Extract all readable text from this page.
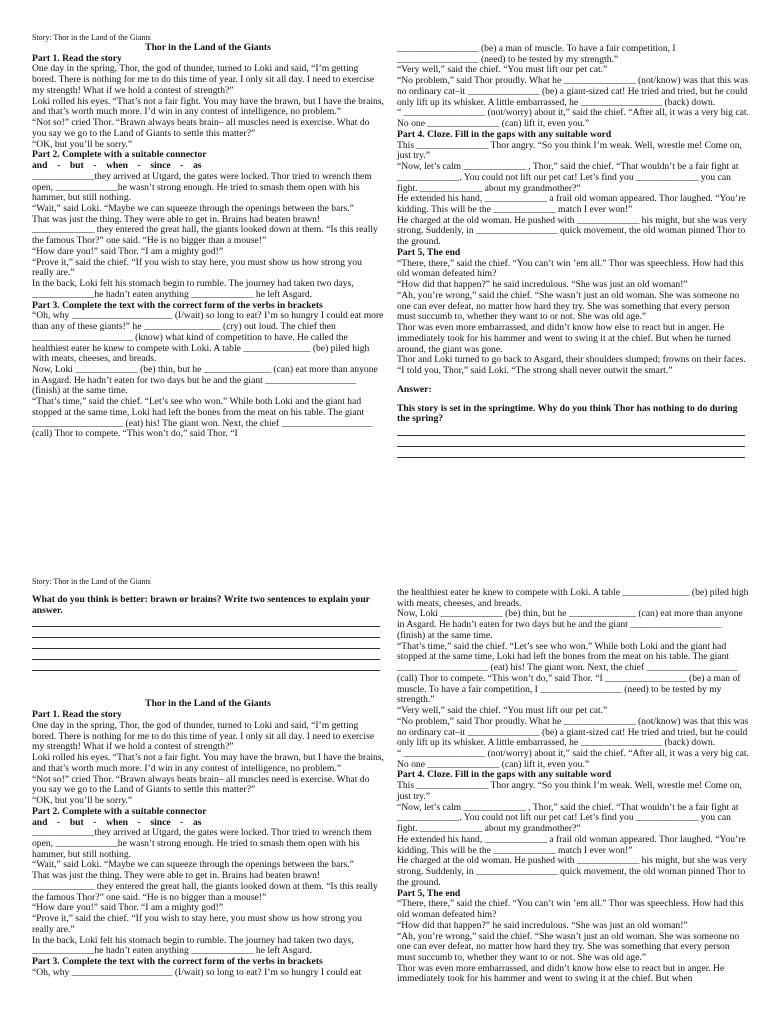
Story: Thor in the Land of the Giants

Thor in the Land of the Giants

Part 1. Read the story

One day in the spring, Thor, the god of thunder, turned to Loki and said, “I’m getting bored. There is nothing for me to do this time of year. I only sit all day. I need to exercise my strength! What if we hold a contest of strength?”

Loki rolled his eyes. “That’s not a fair fight. You may have the brawn, but I have the brains, and that’s worth much more. I’d win in any contest of intelligence, no problem.”

“Not so!” cried Thor. “Brawn always beats brain– all muscles need is exercise. What do you say we go to the Land of Giants to settle this matter?”

“OK, but you’ll be sorry.”

Part 2. Complete with a suitable connector

and    -    but    -    when    -    since    -    as

_____________they arrived at Utgard, the gates were locked. Thor tried to wrench them open, _____________he wasn’t strong enough. He tried to smash them open with his hammer, but still nothing.

“Wait,” said Loki. “Maybe we can squeeze through the openings between the bars.”

That was just the thing. They were able to get in. Brains had beaten brawn!

_____________ they entered the great hall, the giants looked down at them. “Is this really the famous Thor?” one said. “He is no bigger than a mouse!”

“How dare you!” said Thor. “I am a mighty god!”

“Prove it,” said the chief. “If you wish to stay here, you must show us how strong you really are.”

In the back, Loki felt his stomach begin to rumble. The journey had taken two days, _____________he hadn’t eaten anything _____________ he left Asgard.

Part 3. Complete the text with the correct form of the verbs in brackets

“Oh, why _____________________ (I/wait) so long to eat? I’m so hungry I could eat more than any of these giants!” he ________________ (cry) out loud. The chief then _____________________ (know) what kind of competition to have. He called the healthiest eater he knew to compete with Loki. A table ______________ (be) piled high with meats, cheeses, and breads.

Now, Loki _____________ (be) thin, but he ______________ (can) eat more than anyone in Asgard. He hadn’t eaten for two days but he and the giant ___________________ (finish) at the same time.

“That’s time,” said the chief. “Let’s see who won.” While both Loki and the giant had stopped at the same time, Loki had left the bones from the meat on his table. The giant ___________________ (eat) his! The giant won. Next, the chief ___________________ (call) Thor to compete. “This won’t do,” said Thor. “I

_________________ (be) a man of muscle. To have a fair competition, I _________________ (need) to be tested by my strength.”

“Very well,” said the chief. “You must lift our pet cat.”

“No problem,” said Thor proudly. What he _______________ (not/know) was that this was no ordinary cat–it _______________ (be) a giant-sized cat! He tried and tried, but he could only lift up its whisker. A little embarrassed, he _________________ (back) down.

“ _________________ (not/worry) about it,” said the chief. “After all, it was a very big cat. No one _______________ (can) lift it, even you.”

Part 4. Cloze. Fill in the gaps with any suitable word

This _______________ Thor angry. “So you think I’m weak. Well, wrestle me! Come on, just try.”

“Now, let’s calm _____________ , Thor,” said the chief. “That wouldn’t be a fair fight at _____________. You could not lift our pet cat! Let’s find you _____________ you can fight. _____________ about my grandmother?”

He extended his hand, _____________ a frail old woman appeared. Thor laughed. “You’re kidding. This will be the _____________ match I ever won!”

He charged at the old woman. He pushed with _____________ his might, but she was very strong. Suddenly, in _________________ quick movement, the old woman pinned Thor to the ground.

Part 5, The end

“There, there,” said the chief. “You can’t win ’em all.” Thor was speechless. How had this old woman defeated him?

“How did that happen?” he said incredulous. “She was just an old woman!”

“Ah, you’re wrong,” said the chief. “She wasn’t just an old woman. She was someone no one can ever defeat, no matter how hard they try. She was something that every person must succumb to, whether they want to or not. She was old age.”

Thor was even more embarrassed, and didn’t know how else to react but in anger. He immediately took for his hammer and went to swing it at the chief. But when he turned around, the giant was gone.

Thor and Loki turned to go back to Asgard, their shoulders slumped; frowns on their faces.

“I told you, Thor,” said Loki. “The strong shall never outwit the smart.”

Answer:

This story is set in the springtime. Why do you think Thor has nothing to do during the spring?

Story: Thor in the Land of the Giants

What do you think is better: brawn or brains? Write two sentences to explain your answer.

Thor in the Land of the Giants

Part 1. Read the story

One day in the spring, Thor, the god of thunder, turned to Loki and said, “I’m getting bored. There is nothing for me to do this time of year. I only sit all day. I need to exercise my strength! What if we hold a contest of strength?”

Loki rolled his eyes. “That’s not a fair fight. You may have the brawn, but I have the brains, and that’s worth much more. I’d win in any contest of intelligence, no problem.”

“Not so!” cried Thor. “Brawn always beats brain– all muscles need is exercise. What do you say we go to the Land of Giants to settle this matter?”

“OK, but you’ll be sorry.”

Part 2. Complete with a suitable connector

and    -    but    -    when    -    since    -    as

_____________they arrived at Utgard, the gates were locked. Thor tried to wrench them open, _____________he wasn’t strong enough. He tried to smash them open with his hammer, but still nothing.

“Wait,” said Loki. “Maybe we can squeeze through the openings between the bars.”

That was just the thing. They were able to get in. Brains had beaten brawn!

_____________ they entered the great hall, the giants looked down at them. “Is this really the famous Thor?” one said. “He is no bigger than a mouse!”

“How dare you!” said Thor. “I am a mighty god!”

“Prove it,” said the chief. “If you wish to stay here, you must show us how strong you really are.”

In the back, Loki felt his stomach begin to rumble. The journey had taken two days, _____________he hadn’t eaten anything _____________ he left Asgard.

Part 3. Complete the text with the correct form of the verbs in brackets

“Oh, why _____________________ (I/wait) so long to eat? I’m so hungry I could eat

the healthiest eater he knew to compete with Loki. A table ______________ (be) piled high with meats, cheeses, and breads.

Now, Loki _____________ (be) thin, but he ______________ (can) eat more than anyone in Asgard. He hadn’t eaten for two days but he and the giant ___________________ (finish) at the same time.

“That’s time,” said the chief. “Let’s see who won.” While both Loki and the giant had stopped at the same time, Loki had left the bones from the meat on his table. The giant ___________________ (eat) his! The giant won. Next, the chief ___________________ (call) Thor to compete. “This won’t do,” said Thor. “I _________________ (be) a man of muscle. To have a fair competition, I _________________ (need) to be tested by my strength.”

“Very well,” said the chief. “You must lift our pet cat.”

“No problem,” said Thor proudly. What he _______________ (not/know) was that this was no ordinary cat–it _______________ (be) a giant-sized cat! He tried and tried, but he could only lift up its whisker. A little embarrassed, he _________________ (back) down.

“ _________________ (not/worry) about it,” said the chief. “After all, it was a very big cat. No one _______________ (can) lift it, even you.”

Part 4. Cloze. Fill in the gaps with any suitable word

This _______________ Thor angry. “So you think I’m weak. Well, wrestle me! Come on, just try.”

“Now, let’s calm _____________ , Thor,” said the chief. “That wouldn’t be a fair fight at _____________. You could not lift our pet cat! Let’s find you _____________ you can fight. _____________ about my grandmother?”

He extended his hand, _____________ a frail old woman appeared. Thor laughed. “You’re kidding. This will be the _____________ match I ever won!”

He charged at the old woman. He pushed with _____________ his might, but she was very strong. Suddenly, in _________________ quick movement, the old woman pinned Thor to the ground.

Part 5, The end

“There, there,” said the chief. “You can’t win ’em all.” Thor was speechless. How had this old woman defeated him?

“How did that happen?” he said incredulous. “She was just an old woman!”

“Ah, you’re wrong,” said the chief. “She wasn’t just an old woman. She was someone no one can ever defeat, no matter how hard they try. She was something that every person must succumb to, whether they want to or not. She was old age.”

Thor was even more embarrassed, and didn’t know how else to react but in anger. He immediately took for his hammer and went to swing it at the chief. But when
